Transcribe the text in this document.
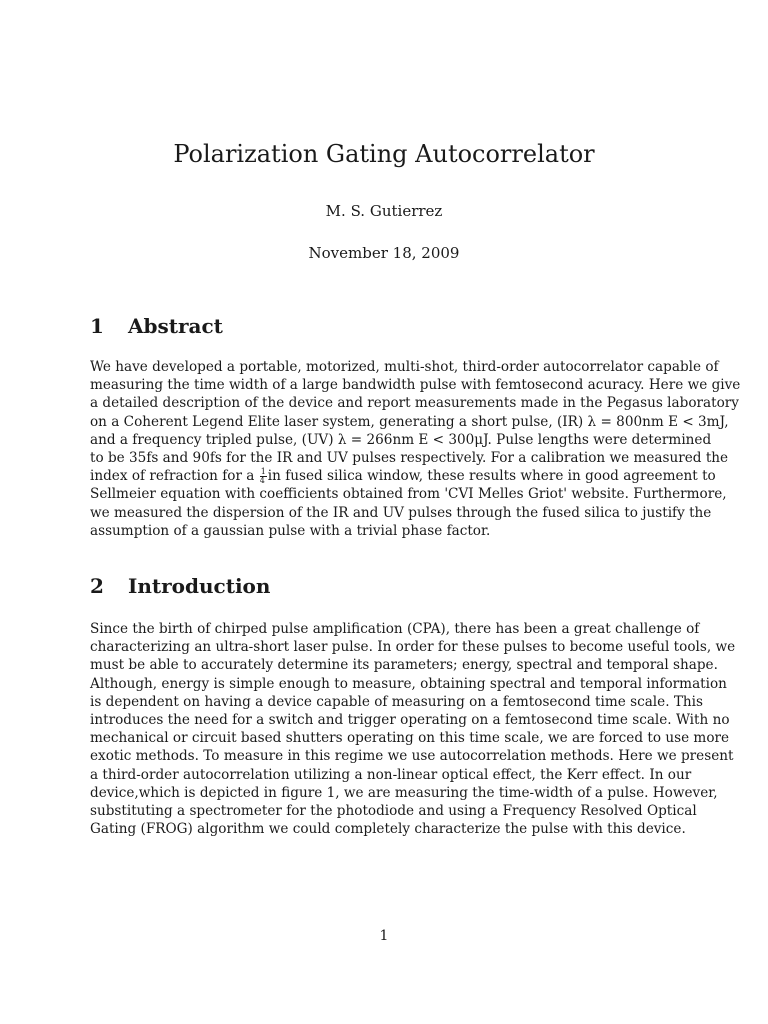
Polarization Gating Autocorrelator
M. S. Gutierrez
November 18, 2009
1 Abstract
We have developed a portable, motorized, multi-shot, third-order autocorrelator capable of
measuring the time width of a large bandwidth pulse with femtosecond acuracy. Here we give
a detailed description of the device and report measurements made in the Pegasus laboratory
on a Coherent Legend Elite laser system, generating a short pulse, (IR) λ = 800nm E < 3mJ,
and a frequency tripled pulse, (UV) λ = 266nm E < 300μJ. Pulse lengths were determined
to be 35fs and 90fs for the IR and UV pulses respectively. For a calibration we measured the
index of refraction for a $\frac{1}{4}$ in fused silica window, these results where in good agreement to
Sellmeier equation with coefficients obtained from 'CVI Melles Griot' website. Furthermore,
we measured the dispersion of the IR and UV pulses through the fused silica to justify the
assumption of a gaussian pulse with a trivial phase factor.
2 Introduction
Since the birth of chirped pulse amplification (CPA), there has been a great challenge of
characterizing an ultra-short laser pulse. In order for these pulses to become useful tools, we
must be able to accurately determine its parameters; energy, spectral and temporal shape.
Although, energy is simple enough to measure, obtaining spectral and temporal information
is dependent on having a device capable of measuring on a femtosecond time scale. This
introduces the need for a switch and trigger operating on a femtosecond time scale. With no
mechanical or circuit based shutters operating on this time scale, we are forced to use more
exotic methods. To measure in this regime we use autocorrelation methods. Here we present
a third-order autocorrelation utilizing a non-linear optical effect, the Kerr effect. In our
device,which is depicted in figure 1, we are measuring the time-width of a pulse. However,
substituting a spectrometer for the photodiode and using a Frequency Resolved Optical
Gating (FROG) algorithm we could completely characterize the pulse with this device.
1
